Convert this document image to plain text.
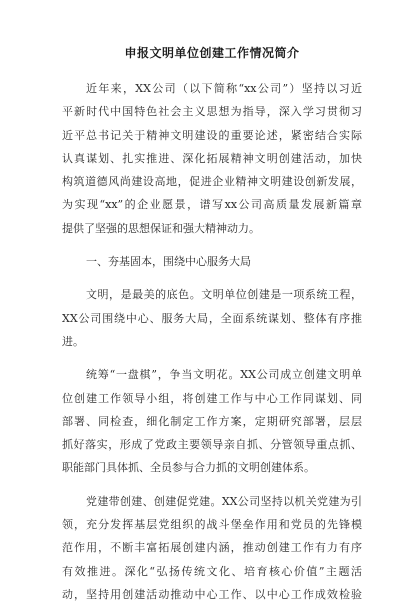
申报文明单位创建工作情况简介
近年来，XX公司（以下简称“xx公司”）坚持以习近
平新时代中国特色社会主义思想为指导，深入学习贯彻习
近平总书记关于精神文明建设的重要论述，紧密结合实际
认真谋划、扎实推进、深化拓展精神文明创建活动，加快
构筑道德风尚建设高地，促进企业精神文明建设创新发展，
为实现“xx”的企业愿景，谱写xx公司高质量发展新篇章
提供了坚强的思想保证和强大精神动力。
一、夯基固本，围绕中心服务大局
文明，是最美的底色。文明单位创建是一项系统工程，
XX公司围绕中心、服务大局，全面系统谋划、整体有序推
进。
统筹“一盘棋”，争当文明花。XX公司成立创建文明单
位创建工作领导小组，将创建工作与中心工作同谋划、同
部署、同检查，细化制定工作方案，定期研究部署，层层
抓好落实，形成了党政主要领导亲自抓、分管领导重点抓、
职能部门具体抓、全员参与合力抓的文明创建体系。
党建带创建、创建促党建。XX公司坚持以机关党建为引
领，充分发挥基层党组织的战斗堡垒作用和党员的先锋模
范作用，不断丰富拓展创建内涵，推动创建工作有力有序
有效推进。深化“弘扬传统文化、培育核心价值”主题活
动，坚持用创建活动推动中心工作、以中心工作成效检验
